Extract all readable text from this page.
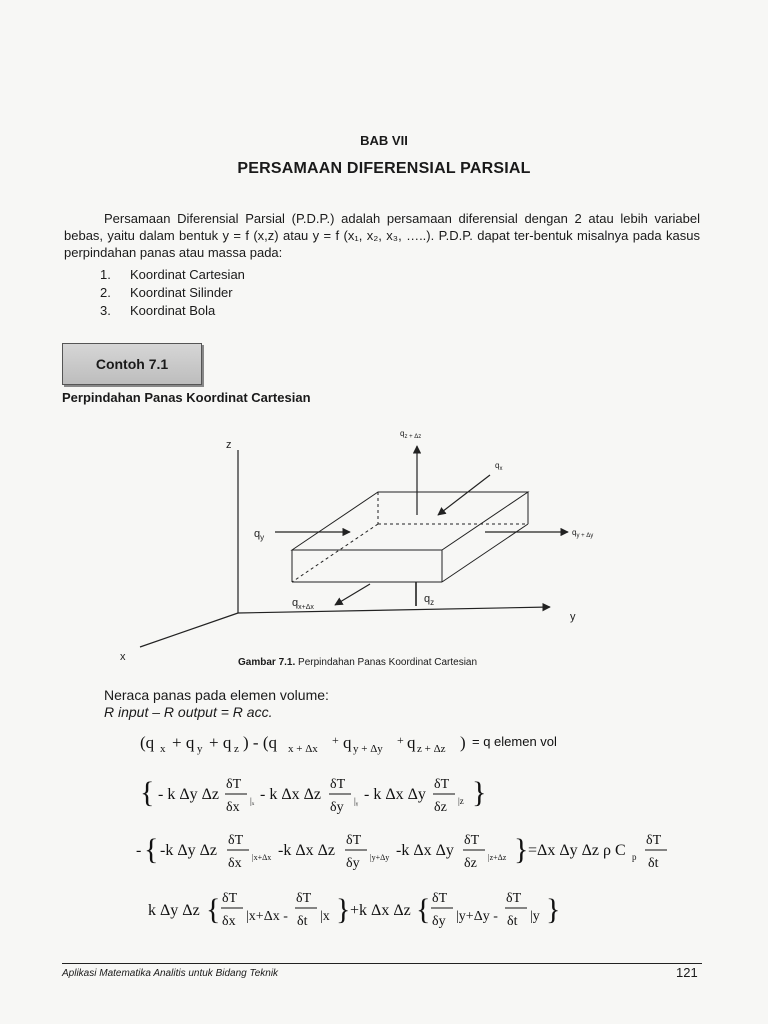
BAB VII
PERSAMAAN DIFERENSIAL PARSIAL

Persamaan Diferensial Parsial (P.D.P.) adalah persamaan diferensial dengan 2 atau lebih variabel bebas, yaitu dalam bentuk y = f (x,z) atau y = f (x₁, x₂, x₃, …..). P.D.P. dapat ter-bentuk misalnya pada kasus perpindahan panas atau massa pada:

1.	Koordinat Cartesian
2.	Koordinat Silinder
3.	Koordinat Bola
Contoh 7.1
Perpindahan Panas Koordinat Cartesian
z
y
x
$q_{z + \Delta z}$
$q_x$
$q_y$
$q_{y + \Delta y}$
$q_{x+\Delta x}$
$q_z$
Gambar 7.1. Perpindahan Panas Koordinat Cartesian
Neraca panas pada elemen volume:
R input – R output = R acc.
(q x + q y + q z ) - (q x + Δx
+ q y + Δy
+ q z + Δz ) = q elemen vol
{ - k Δy Δz
δT
δx |ₓ - k Δx Δz
δT
δy |ᵧ - k Δx Δy
δT
δz |z }
- { -k Δy Δz
δT
δx |x+Δx -k Δx Δz
δT
δy |y+Δy -k Δx Δy
δT
δz |z+Δz } =Δx Δy Δz ρ C p
δT
δt
k Δy Δz { δT
δx |x+Δx -
δT
δt |x } +k Δx Δz { δT
δy |y+Δy -
δT
δt |y }
Aplikasi Matematika Analitis untuk Bidang Teknik	121
